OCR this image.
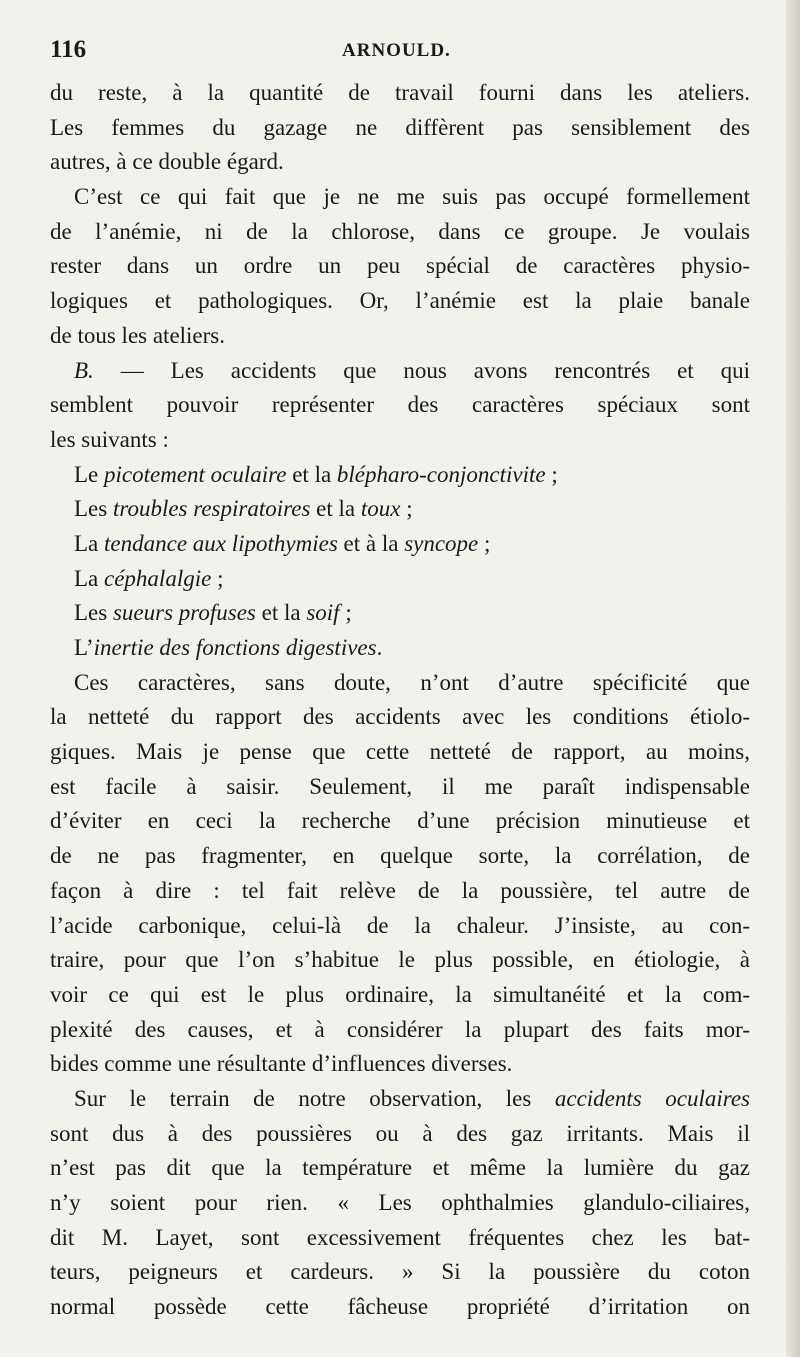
116	ARNOULD.
du reste, à la quantité de travail fourni dans les ateliers.
Les femmes du gazage ne diffèrent pas sensiblement des
autres, à ce double égard.
C’est ce qui fait que je ne me suis pas occupé formellement
de l’anémie, ni de la chlorose, dans ce groupe. Je voulais
rester dans un ordre un peu spécial de caractères physio-
logiques et pathologiques. Or, l’anémie est la plaie banale
de tous les ateliers.
B. — Les accidents que nous avons rencontrés et qui
semblent pouvoir représenter des caractères spéciaux sont
les suivants :
Le picotement oculaire et la blépharo-conjonctivite ;
Les troubles respiratoires et la toux ;
La tendance aux lipothymies et à la syncope ;
La céphalalgie ;
Les sueurs profuses et la soif ;
L’inertie des fonctions digestives.
Ces caractères, sans doute, n’ont d’autre spécificité que
la netteté du rapport des accidents avec les conditions étiolo-
giques. Mais je pense que cette netteté de rapport, au moins,
est facile à saisir. Seulement, il me paraît indispensable
d’éviter en ceci la recherche d’une précision minutieuse et
de ne pas fragmenter, en quelque sorte, la corrélation, de
façon à dire : tel fait relève de la poussière, tel autre de
l’acide carbonique, celui-là de la chaleur. J’insiste, au con-
traire, pour que l’on s’habitue le plus possible, en étiologie, à
voir ce qui est le plus ordinaire, la simultanéité et la com-
plexité des causes, et à considérer la plupart des faits mor-
bides comme une résultante d’influences diverses.
Sur le terrain de notre observation, les accidents oculaires
sont dus à des poussières ou à des gaz irritants. Mais il
n’est pas dit que la température et même la lumière du gaz
n’y soient pour rien. « Les ophthalmies glandulo-ciliaires,
dit M. Layet, sont excessivement fréquentes chez les bat-
teurs, peigneurs et cardeurs. » Si la poussière du coton
normal possède cette fâcheuse propriété d’irritation on
